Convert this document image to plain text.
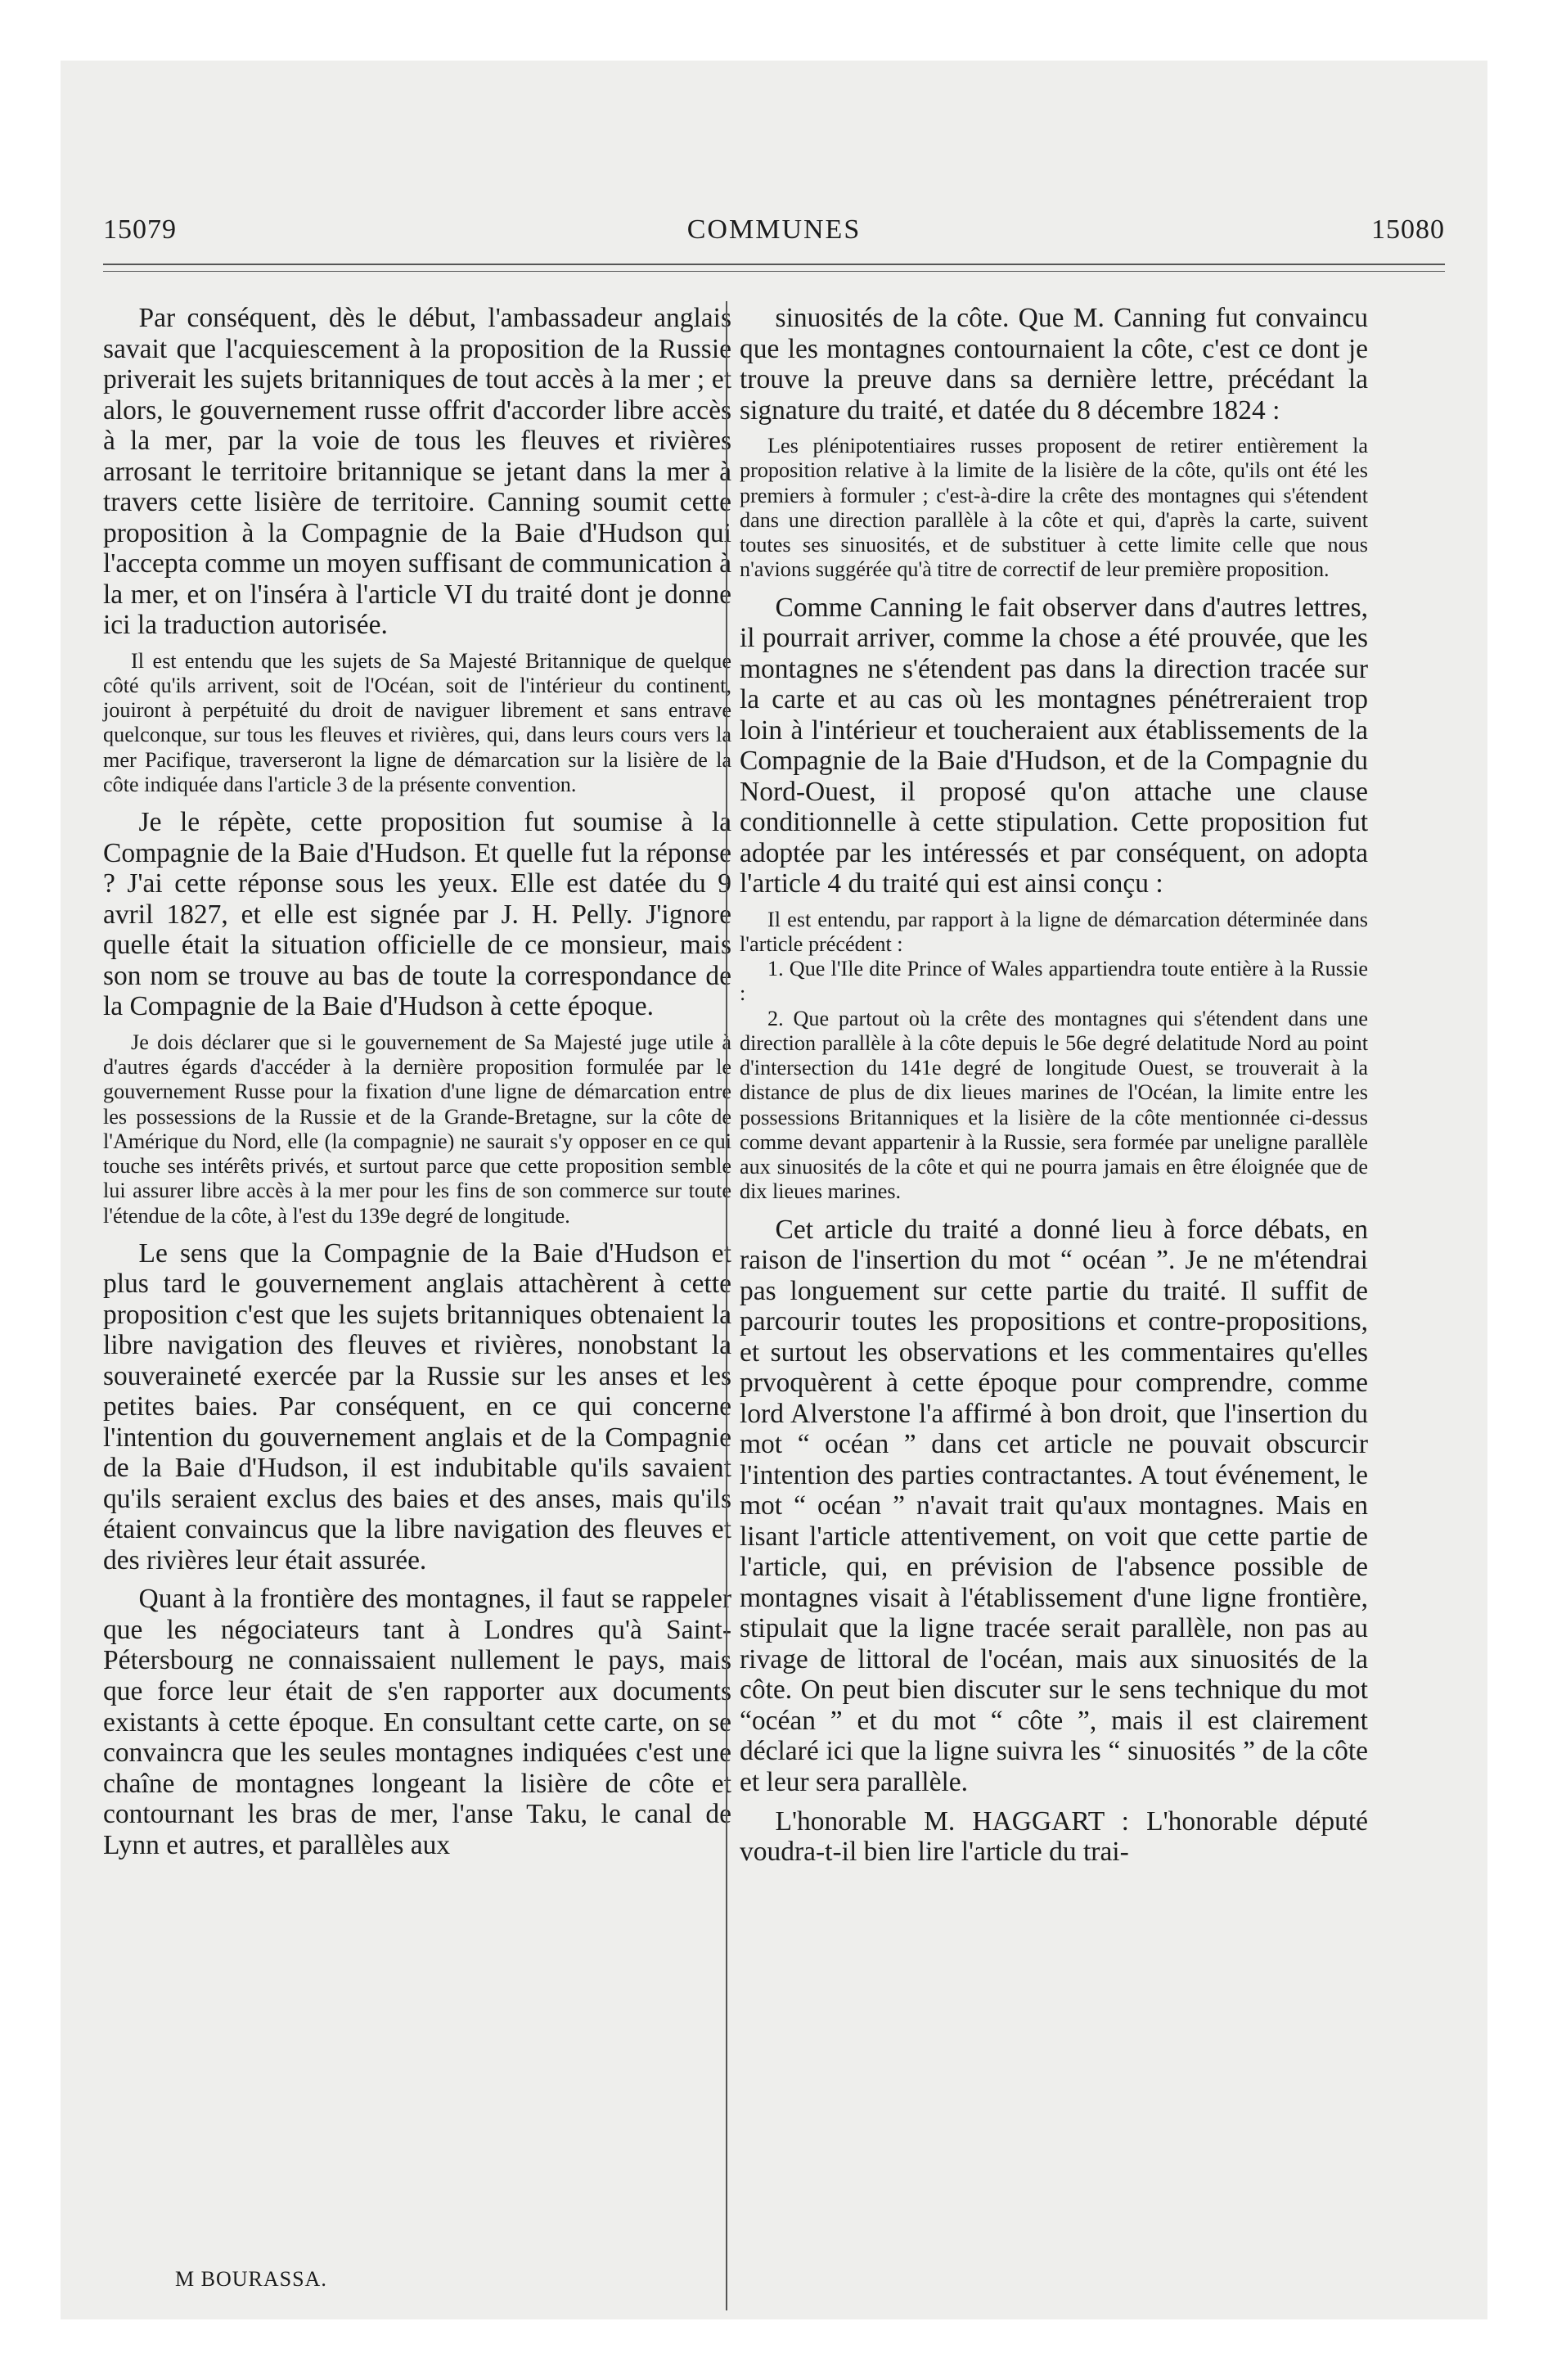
15079	COMMUNES	15080

Par conséquent, dès le début, l'ambassadeur anglais savait que l'acquiescement à la proposition de la Russie priverait les sujets britanniques de tout accès à la mer ; et alors, le gouvernement russe offrit d'accorder libre accès à la mer, par la voie de tous les fleuves et rivières arrosant le territoire britannique se jetant dans la mer à travers cette lisière de territoire. Canning soumit cette proposition à la Compagnie de la Baie d'Hudson qui l'accepta comme un moyen suffisant de communication à la mer, et on l'inséra à l'article VI du traité dont je donne ici la traduction autorisée.

Il est entendu que les sujets de Sa Majesté Britannique de quelque côté qu'ils arrivent, soit de l'Océan, soit de l'intérieur du continent, jouiront à perpétuité du droit de naviguer librement et sans entrave quelconque, sur tous les fleuves et rivières, qui, dans leurs cours vers la mer Pacifique, traverseront la ligne de démarcation sur la lisière de la côte indiquée dans l'article 3 de la présente convention.

Je le répète, cette proposition fut soumise à la Compagnie de la Baie d'Hudson. Et quelle fut la réponse ? J'ai cette réponse sous les yeux. Elle est datée du 9 avril 1827, et elle est signée par J. H. Pelly. J'ignore quelle était la situation officielle de ce monsieur, mais son nom se trouve au bas de toute la correspondance de la Compagnie de la Baie d'Hudson à cette époque.

Je dois déclarer que si le gouvernement de Sa Majesté juge utile à d'autres égards d'accéder à la dernière proposition formulée par le gouvernement Russe pour la fixation d'une ligne de démarcation entre les possessions de la Russie et de la Grande-Bretagne, sur la côte de l'Amérique du Nord, elle (la compagnie) ne saurait s'y opposer en ce qui touche ses intérêts privés, et surtout parce que cette proposition semble lui assurer libre accès à la mer pour les fins de son commerce sur toute l'étendue de la côte, à l'est du 139e degré de longitude.

Le sens que la Compagnie de la Baie d'Hudson et plus tard le gouvernement anglais attachèrent à cette proposition c'est que les sujets britanniques obtenaient la libre navigation des fleuves et rivières, nonobstant la souveraineté exercée par la Russie sur les anses et les petites baies. Par conséquent, en ce qui concerne l'intention du gouvernement anglais et de la Compagnie de la Baie d'Hudson, il est indubitable qu'ils savaient qu'ils seraient exclus des baies et des anses, mais qu'ils étaient convaincus que la libre navigation des fleuves et des rivières leur était assurée.

Quant à la frontière des montagnes, il faut se rappeler que les négociateurs tant à Londres qu'à Saint-Pétersbourg ne connaissaient nullement le pays, mais que force leur était de s'en rapporter aux documents existants à cette époque. En consultant cette carte, on se convaincra que les seules montagnes indiquées c'est une chaîne de montagnes longeant la lisière de côte et contournant les bras de mer, l'anse Taku, le canal de Lynn et autres, et parallèles aux

sinuosités de la côte. Que M. Canning fut convaincu que les montagnes contournaient la côte, c'est ce dont je trouve la preuve dans sa dernière lettre, précédant la signature du traité, et datée du 8 décembre 1824 :

Les plénipotentiaires russes proposent de retirer entièrement la proposition relative à la limite de la lisière de la côte, qu'ils ont été les premiers à formuler ; c'est-à-dire la crête des montagnes qui s'étendent dans une direction parallèle à la côte et qui, d'après la carte, suivent toutes ses sinuosités, et de substituer à cette limite celle que nous n'avions suggérée qu'à titre de correctif de leur première proposition.

Comme Canning le fait observer dans d'autres lettres, il pourrait arriver, comme la chose a été prouvée, que les montagnes ne s'étendent pas dans la direction tracée sur la carte et au cas où les montagnes pénétreraient trop loin à l'intérieur et toucheraient aux établissements de la Compagnie de la Baie d'Hudson, et de la Compagnie du Nord-Ouest, il proposé qu'on attache une clause conditionnelle à cette stipulation. Cette proposition fut adoptée par les intéressés et par conséquent, on adopta l'article 4 du traité qui est ainsi conçu :

Il est entendu, par rapport à la ligne de démarcation déterminée dans l'article précédent :

1. Que l'Ile dite Prince of Wales appartiendra toute entière à la Russie :

2. Que partout où la crête des montagnes qui s'étendent dans une direction parallèle à la côte depuis le 56e degré delatitude Nord au point d'intersection du 141e degré de longitude Ouest, se trouverait à la distance de plus de dix lieues marines de l'Océan, la limite entre les possessions Britanniques et la lisière de la côte mentionnée ci-dessus comme devant appartenir à la Russie, sera formée par uneligne parallèle aux sinuosités de la côte et qui ne pourra jamais en être éloignée que de dix lieues marines.

Cet article du traité a donné lieu à force débats, en raison de l'insertion du mot “ océan ”. Je ne m'étendrai pas longuement sur cette partie du traité. Il suffit de parcourir toutes les propositions et contre-propositions, et surtout les observations et les commentaires qu'elles prvoquèrent à cette époque pour comprendre, comme lord Alverstone l'a affirmé à bon droit, que l'insertion du mot “ océan ” dans cet article ne pouvait obscurcir l'intention des parties contractantes. A tout événement, le mot “ océan ” n'avait trait qu'aux montagnes. Mais en lisant l'article attentivement, on voit que cette partie de l'article, qui, en prévision de l'absence possible de montagnes visait à l'établissement d'une ligne frontière, stipulait que la ligne tracée serait parallèle, non pas au rivage de littoral de l'océan, mais aux sinuosités de la côte. On peut bien discuter sur le sens technique du mot “océan ” et du mot “ côte ”, mais il est clairement déclaré ici que la ligne suivra les “ sinuosités ” de la côte et leur sera parallèle.

L'honorable M. HAGGART : L'honorable député voudra-t-il bien lire l'article du trai-

M BOURASSA.
